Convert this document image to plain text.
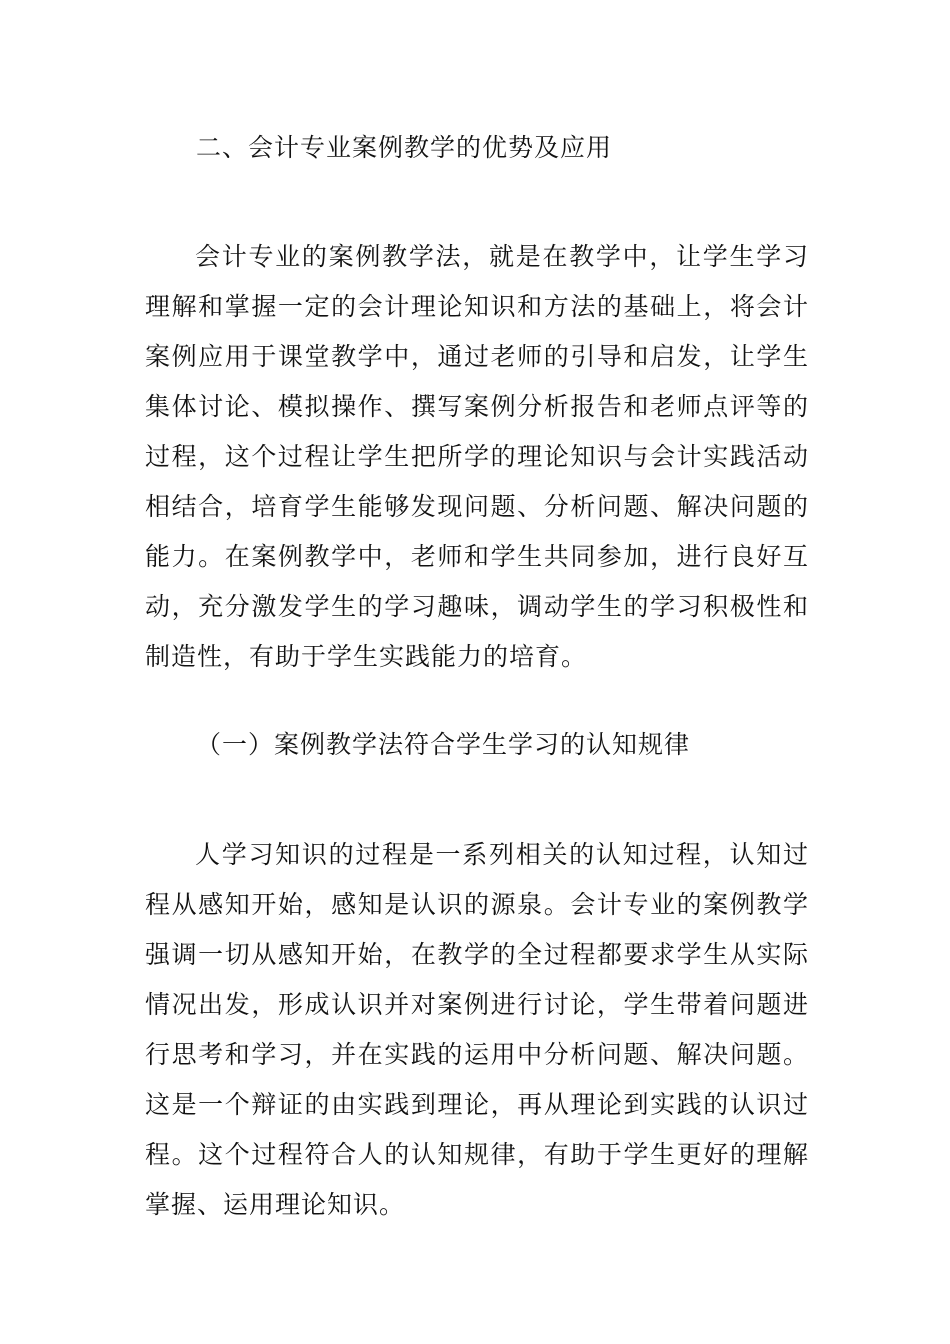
二、会计专业案例教学的优势及应用
会计专业的案例教学法，就是在教学中，让学生学习
理解和掌握一定的会计理论知识和方法的基础上，将会计
案例应用于课堂教学中，通过老师的引导和启发，让学生
集体讨论、模拟操作、撰写案例分析报告和老师点评等的
过程，这个过程让学生把所学的理论知识与会计实践活动
相结合，培育学生能够发现问题、分析问题、解决问题的
能力。在案例教学中，老师和学生共同参加，进行良好互
动，充分激发学生的学习趣味，调动学生的学习积极性和
制造性，有助于学生实践能力的培育。
（一）案例教学法符合学生学习的认知规律
人学习知识的过程是一系列相关的认知过程，认知过
程从感知开始，感知是认识的源泉。会计专业的案例教学
强调一切从感知开始，在教学的全过程都要求学生从实际
情况出发，形成认识并对案例进行讨论，学生带着问题进
行思考和学习，并在实践的运用中分析问题、解决问题。
这是一个辩证的由实践到理论，再从理论到实践的认识过
程。这个过程符合人的认知规律，有助于学生更好的理解
掌握、运用理论知识。
